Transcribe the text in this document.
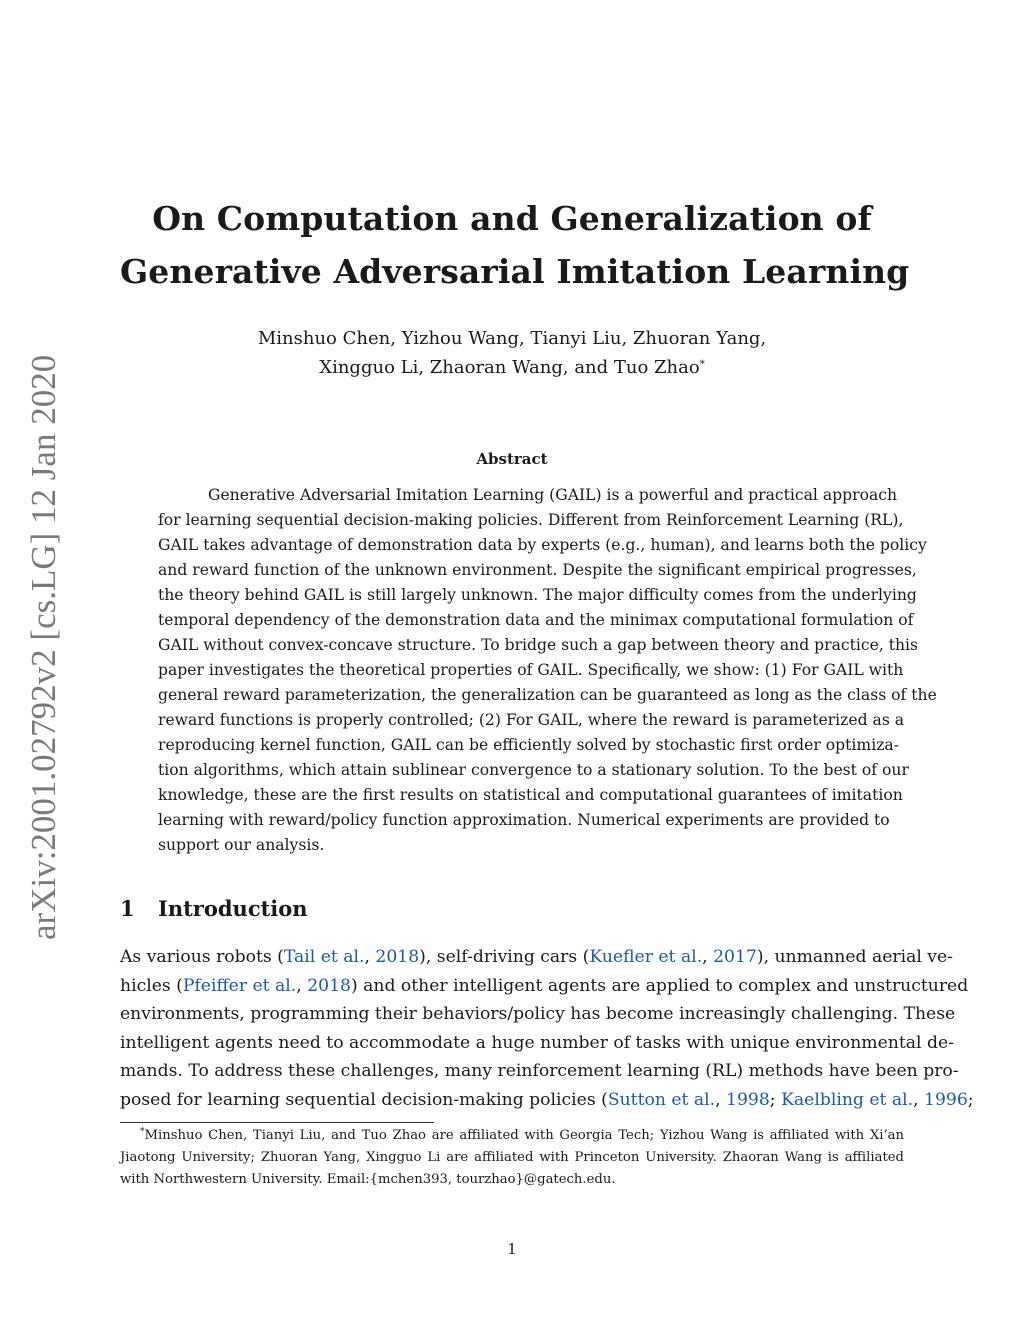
arXiv:2001.02792v2 [cs.LG] 12 Jan 2020
On Computation and Generalization of
Generative Adversarial Imitation Learning
Minshuo Chen, Yizhou Wang, Tianyi Liu, Zhuoran Yang,
Xingguo Li, Zhaoran Wang, and Tuo Zhao*
Abstract
Generative Adversarial Imitation Learning (GAIL) is a powerful and practical approach
for learning sequential decision-making policies. Different from Reinforcement Learning (RL),
GAIL takes advantage of demonstration data by experts (e.g., human), and learns both the policy
and reward function of the unknown environment. Despite the significant empirical progresses,
the theory behind GAIL is still largely unknown. The major difficulty comes from the underlying
temporal dependency of the demonstration data and the minimax computational formulation of
GAIL without convex-concave structure. To bridge such a gap between theory and practice, this
paper investigates the theoretical properties of GAIL. Specifically, we show: (1) For GAIL with
general reward parameterization, the generalization can be guaranteed as long as the class of the
reward functions is properly controlled; (2) For GAIL, where the reward is parameterized as a
reproducing kernel function, GAIL can be efficiently solved by stochastic first order optimiza-
tion algorithms, which attain sublinear convergence to a stationary solution. To the best of our
knowledge, these are the first results on statistical and computational guarantees of imitation
learning with reward/policy function approximation. Numerical experiments are provided to
support our analysis.
1 Introduction
As various robots (Tail et al., 2018), self-driving cars (Kuefler et al., 2017), unmanned aerial ve-
hicles (Pfeiffer et al., 2018) and other intelligent agents are applied to complex and unstructured
environments, programming their behaviors/policy has become increasingly challenging. These
intelligent agents need to accommodate a huge number of tasks with unique environmental de-
mands. To address these challenges, many reinforcement learning (RL) methods have been pro-
posed for learning sequential decision-making policies (Sutton et al., 1998; Kaelbling et al., 1996;
*Minshuo Chen, Tianyi Liu, and Tuo Zhao are affiliated with Georgia Tech; Yizhou Wang is affiliated with Xi’an
Jiaotong University; Zhuoran Yang, Xingguo Li are affiliated with Princeton University. Zhaoran Wang is affiliated
with Northwestern University. Email:{mchen393, tourzhao}@gatech.edu.
1
